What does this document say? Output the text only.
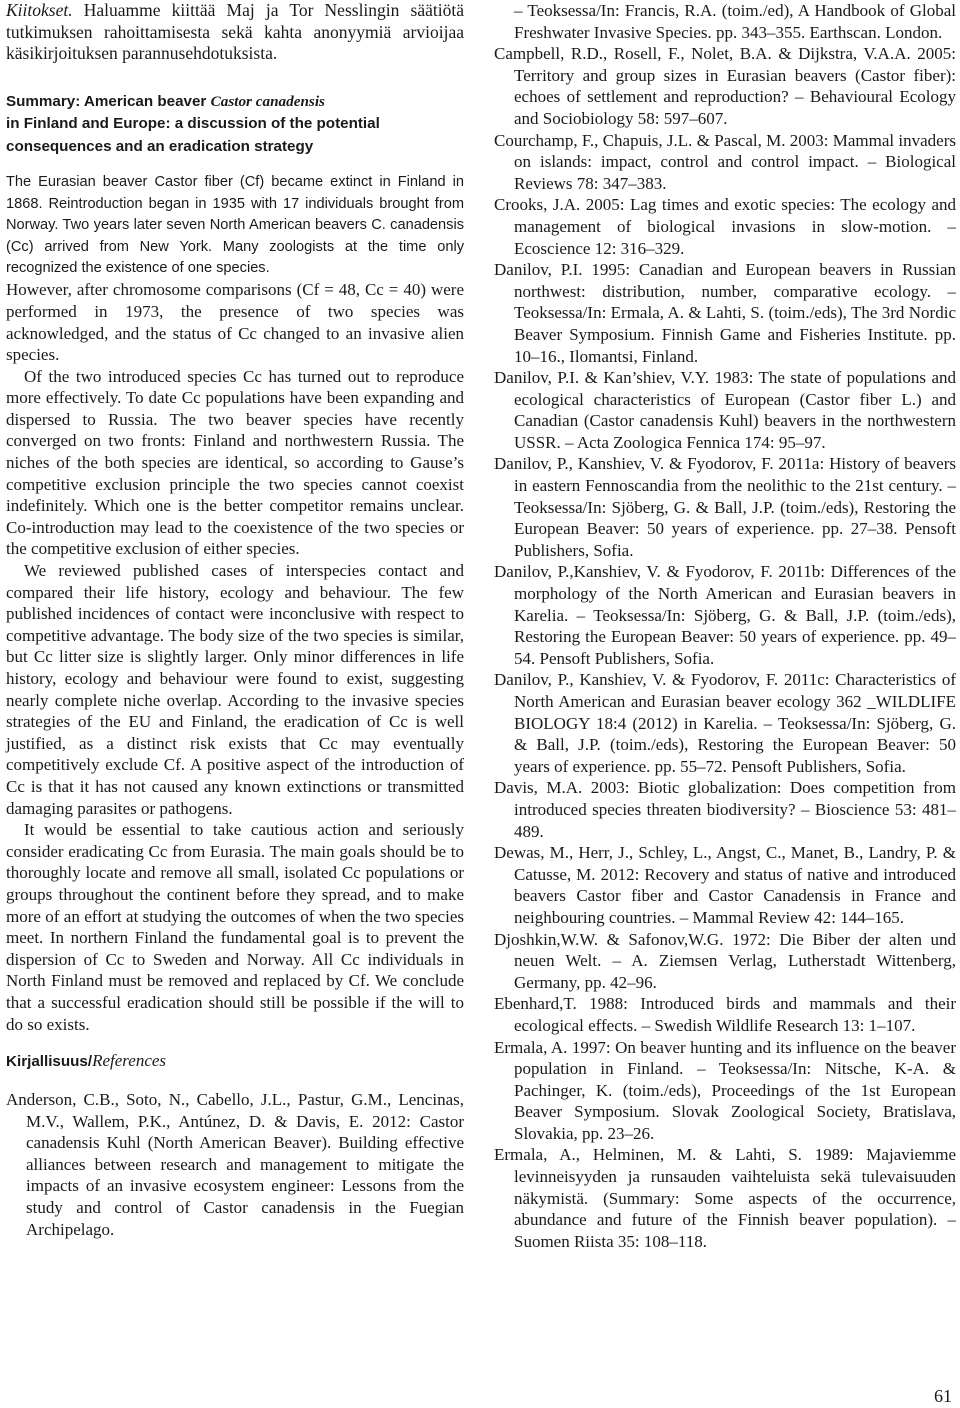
Kiitokset. Haluamme kiittää Maj ja Tor Nesslingin säätiötä tutkimuksen rahoittamisesta sekä kahta anonyymiä arvioijaa käsikirjoituksen parannusehdotuksista.

Summary: American beaver Castor canadensis
in Finland and Europe: a discussion of the potential consequences and an eradication strategy

The Eurasian beaver Castor fiber (Cf) became extinct in Finland in 1868. Reintroduction began in 1935 with 17 individuals brought from Norway. Two years later seven North American beavers C. canadensis (Cc) arrived from New York. Many zoologists at the time only recognized the existence of one species.

However, after chromosome comparisons (Cf = 48, Cc = 40) were performed in 1973, the presence of two species was acknowledged, and the status of Cc changed to an invasive alien species.

Of the two introduced species Cc has turned out to reproduce more effectively. To date Cc populations have been expanding and dispersed to Russia. The two beaver species have recently converged on two fronts: Finland and northwestern Russia. The niches of the both species are identical, so according to Gause’s competitive exclusion principle the two species cannot coexist indefinitely. Which one is the better competitor remains unclear. Co-introduction may lead to the coexistence of the two species or the competitive exclusion of either species.

We reviewed published cases of interspecies contact and compared their life history, ecology and behaviour. The few published incidences of contact were inconclusive with respect to competitive advantage. The body size of the two species is similar, but Cc litter size is slightly larger. Only minor differences in life history, ecology and behaviour were found to exist, suggesting nearly complete niche overlap. According to the invasive species strategies of the EU and Finland, the eradication of Cc is well justified, as a distinct risk exists that Cc may eventually competitively exclude Cf. A positive aspect of the introduction of Cc is that it has not caused any known extinctions or transmitted damaging parasites or pathogens.

It would be essential to take cautious action and seriously consider eradicating Cc from Eurasia. The main goals should be to thoroughly locate and remove all small, isolated Cc populations or groups throughout the continent before they spread, and to make more of an effort at studying the outcomes of when the two species meet. In northern Finland the fundamental goal is to prevent the dispersion of Cc to Sweden and Norway. All Cc individuals in North Finland must be removed and replaced by Cf. We conclude that a successful eradication should still be possible if the will to do so exists.

Kirjallisuus/References

Anderson, C.B., Soto, N., Cabello, J.L., Pastur, G.M., Lencinas, M.V., Wallem, P.K., Antúnez, D. & Davis, E. 2012: Castor canadensis Kuhl (North American Beaver). Building effective alliances between research and management to mitigate the impacts of an invasive ecosystem engineer: Lessons from the study and control of Castor canadensis in the Fuegian Archipelago.

– Teoksessa/In: Francis, R.A. (toim./ed), A Handbook of Global Freshwater Invasive Species. pp. 343–355. Earthscan. London.

Campbell, R.D., Rosell, F., Nolet, B.A. & Dijkstra, V.A.A. 2005: Territory and group sizes in Eurasian beavers (Castor fiber): echoes of settlement and reproduction? – Behavioural Ecology and Sociobiology 58: 597–607.

Courchamp, F., Chapuis, J.L. & Pascal, M. 2003: Mammal invaders on islands: impact, control and control impact. – Biological Reviews 78: 347–383.

Crooks, J.A. 2005: Lag times and exotic species: The ecology and management of biological invasions in slow-motion. – Ecoscience 12: 316–329.

Danilov, P.I. 1995: Canadian and European beavers in Russian northwest: distribution, number, comparative ecology. – Teoksessa/In: Ermala, A. & Lahti, S. (toim./eds), The 3rd Nordic Beaver Symposium. Finnish Game and Fisheries Institute. pp. 10–16., Ilomantsi, Finland.

Danilov, P.I. & Kan’shiev, V.Y. 1983: The state of populations and ecological characteristics of European (Castor fiber L.) and Canadian (Castor canadensis Kuhl) beavers in the northwestern USSR. – Acta Zoologica Fennica 174: 95–97.

Danilov, P., Kanshiev, V. & Fyodorov, F. 2011a: History of beavers in eastern Fennoscandia from the neolithic to the 21st century. – Teoksessa/In: Sjöberg, G. & Ball, J.P. (toim./eds), Restoring the European Beaver: 50 years of experience. pp. 27–38. Pensoft Publishers, Sofia.

Danilov, P.,Kanshiev, V. & Fyodorov, F. 2011b: Differences of the morphology of the North American and Eurasian beavers in Karelia. – Teoksessa/In: Sjöberg, G. & Ball, J.P. (toim./eds), Restoring the European Beaver: 50 years of experience. pp. 49–54. Pensoft Publishers, Sofia.

Danilov, P., Kanshiev, V. & Fyodorov, F. 2011c: Characteristics of North American and Eurasian beaver ecology 362 _WILDLIFE BIOLOGY 18:4 (2012) in Karelia. – Teoksessa/In: Sjöberg, G. & Ball, J.P. (toim./eds), Restoring the European Beaver: 50 years of experience. pp. 55–72. Pensoft Publishers, Sofia.

Davis, M.A. 2003: Biotic globalization: Does competition from introduced species threaten biodiversity? – Bioscience 53: 481–489.

Dewas, M., Herr, J., Schley, L., Angst, C., Manet, B., Landry, P. & Catusse, M. 2012: Recovery and status of native and introduced beavers Castor fiber and Castor Canadensis in France and neighbouring countries. – Mammal Review 42: 144–165.

Djoshkin,W.W. & Safonov,W.G. 1972: Die Biber der alten und neuen Welt. – A. Ziemsen Verlag, Lutherstadt Wittenberg, Germany, pp. 42–96.

Ebenhard,T. 1988: Introduced birds and mammals and their ecological effects. – Swedish Wildlife Research 13: 1–107.

Ermala, A. 1997: On beaver hunting and its influence on the beaver population in Finland. – Teoksessa/In: Nitsche, K-A. & Pachinger, K. (toim./eds), Proceedings of the 1st European Beaver Symposium. Slovak Zoological Society, Bratislava, Slovakia, pp. 23–26.

Ermala, A., Helminen, M. & Lahti, S. 1989: Majaviemme levinneisyyden ja runsauden vaihteluista sekä tulevaisuuden näkymistä. (Summary: Some aspects of the occurrence, abundance and future of the Finnish beaver population). – Suomen Riista 35: 108–118.

61
